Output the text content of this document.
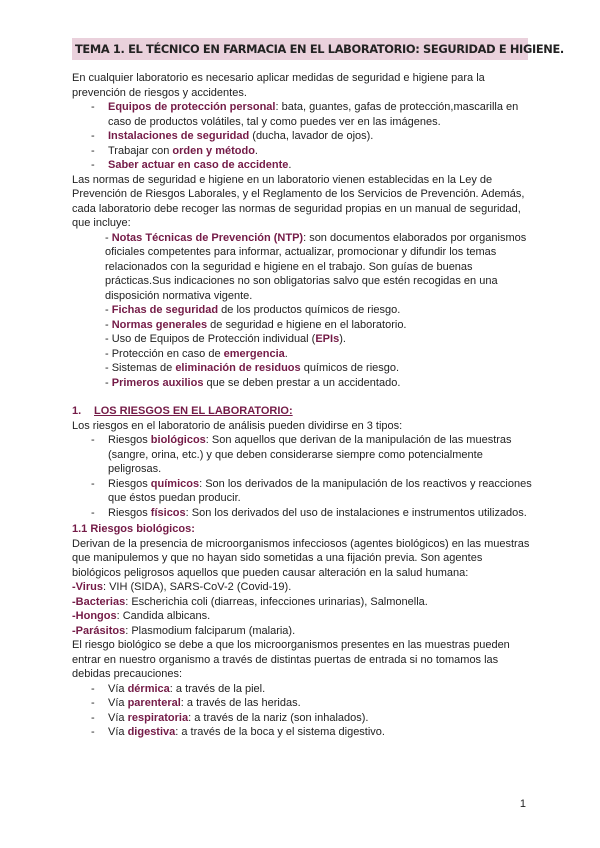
TEMA 1. EL TÉCNICO EN FARMACIA EN EL LABORATORIO: SEGURIDAD E HIGIENE.

En cualquier laboratorio es necesario aplicar medidas de seguridad e higiene para la prevención de riesgos y accidentes.

- Equipos de protección personal: bata, guantes, gafas de protección,mascarilla en caso de productos volátiles, tal y como puedes ver en las imágenes.
- Instalaciones de seguridad (ducha, lavador de ojos).
- Trabajar con orden y método.
- Saber actuar en caso de accidente.

Las normas de seguridad e higiene en un laboratorio vienen establecidas en la Ley de Prevención de Riesgos Laborales, y el Reglamento de los Servicios de Prevención. Además, cada laboratorio debe recoger las normas de seguridad propias en un manual de seguridad, que incluye:

- Notas Técnicas de Prevención (NTP): son documentos elaborados por organismos oficiales competentes para informar, actualizar, promocionar y difundir los temas relacionados con la seguridad e higiene en el trabajo. Son guías de buenas prácticas.Sus indicaciones no son obligatorias salvo que estén recogidas en una disposición normativa vigente.

- Fichas de seguridad de los productos químicos de riesgo.

- Normas generales de seguridad e higiene en el laboratorio.

- Uso de Equipos de Protección individual (EPIs).

- Protección en caso de emergencia.

- Sistemas de eliminación de residuos químicos de riesgo.

- Primeros auxilios que se deben prestar a un accidentado.

1. LOS RIESGOS EN EL LABORATORIO:

Los riesgos en el laboratorio de análisis pueden dividirse en 3 tipos:

- Riesgos biológicos: Son aquellos que derivan de la manipulación de las muestras (sangre, orina, etc.) y que deben considerarse siempre como potencialmente peligrosas.
- Riesgos químicos: Son los derivados de la manipulación de los reactivos y reacciones que éstos puedan producir.
- Riesgos físicos: Son los derivados del uso de instalaciones e instrumentos utilizados.
1.1 Riesgos biológicos:

Derivan de la presencia de microorganismos infecciosos (agentes biológicos) en las muestras que manipulemos y que no hayan sido sometidas a una fijación previa. Son agentes biológicos peligrosos aquellos que pueden causar alteración en la salud humana:

-Virus: VIH (SIDA), SARS-CoV-2 (Covid-19).

-Bacterias: Escherichia coli (diarreas, infecciones urinarias), Salmonella.

-Hongos: Candida albicans.

-Parásitos: Plasmodium falciparum (malaria).

El riesgo biológico se debe a que los microorganismos presentes en las muestras pueden entrar en nuestro organismo a través de distintas puertas de entrada si no tomamos las debidas precauciones:

- Vía dérmica: a través de la piel.
- Vía parenteral: a través de las heridas.
- Vía respiratoria: a través de la nariz (son inhalados).
- Vía digestiva: a través de la boca y el sistema digestivo.
1
